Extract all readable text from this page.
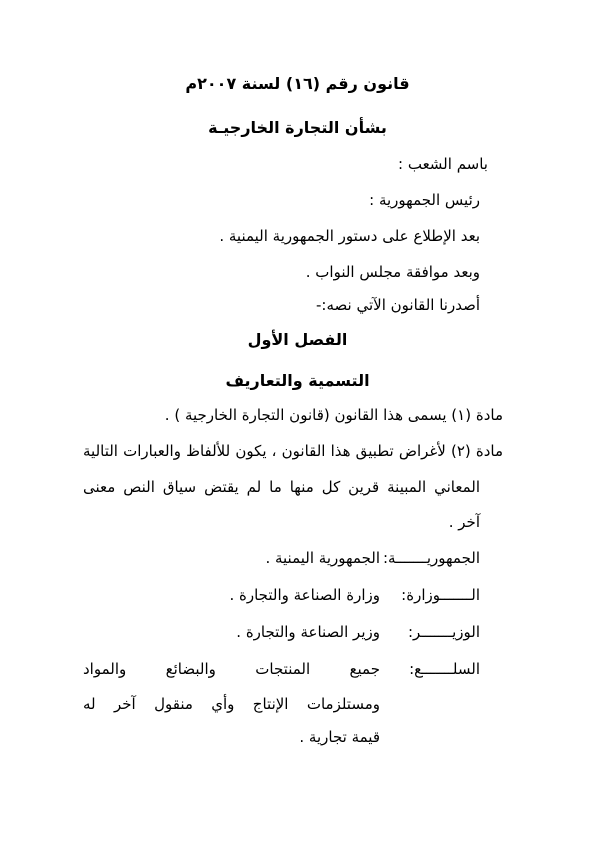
قانون رقم (١٦) لسنة ٢٠٠٧م
بشأن التجارة الخارجيـة
باسم الشعب :
رئيس الجمهورية :
بعد الإطلاع على دستور الجمهورية اليمنية .
وبعد موافقة مجلس النواب .
أصدرنا القانون الآتي نصه:-
الفصل الأول
التسمية والتعاريف
مادة (١) يسمى هذا القانون (قانون التجارة الخارجية ) .
مادة (٢) لأغراض تطبيق هذا القانون ، يكون للألفاظ والعبارات التالية
المعاني المبينة قرين كل منها ما لم يقتض سياق النص معنى
آخر .
الجمهوريـــــــة:
الجمهورية اليمنية .
الـــــــوزارة:
وزارة الصناعة والتجارة .
الوزيـــــــر:
وزير الصناعة والتجارة .
السلـــــــع:
جميع المنتجات والبضائع والمواد
ومستلزمات الإنتاج وأي منقول آخر له
قيمة تجارية .
